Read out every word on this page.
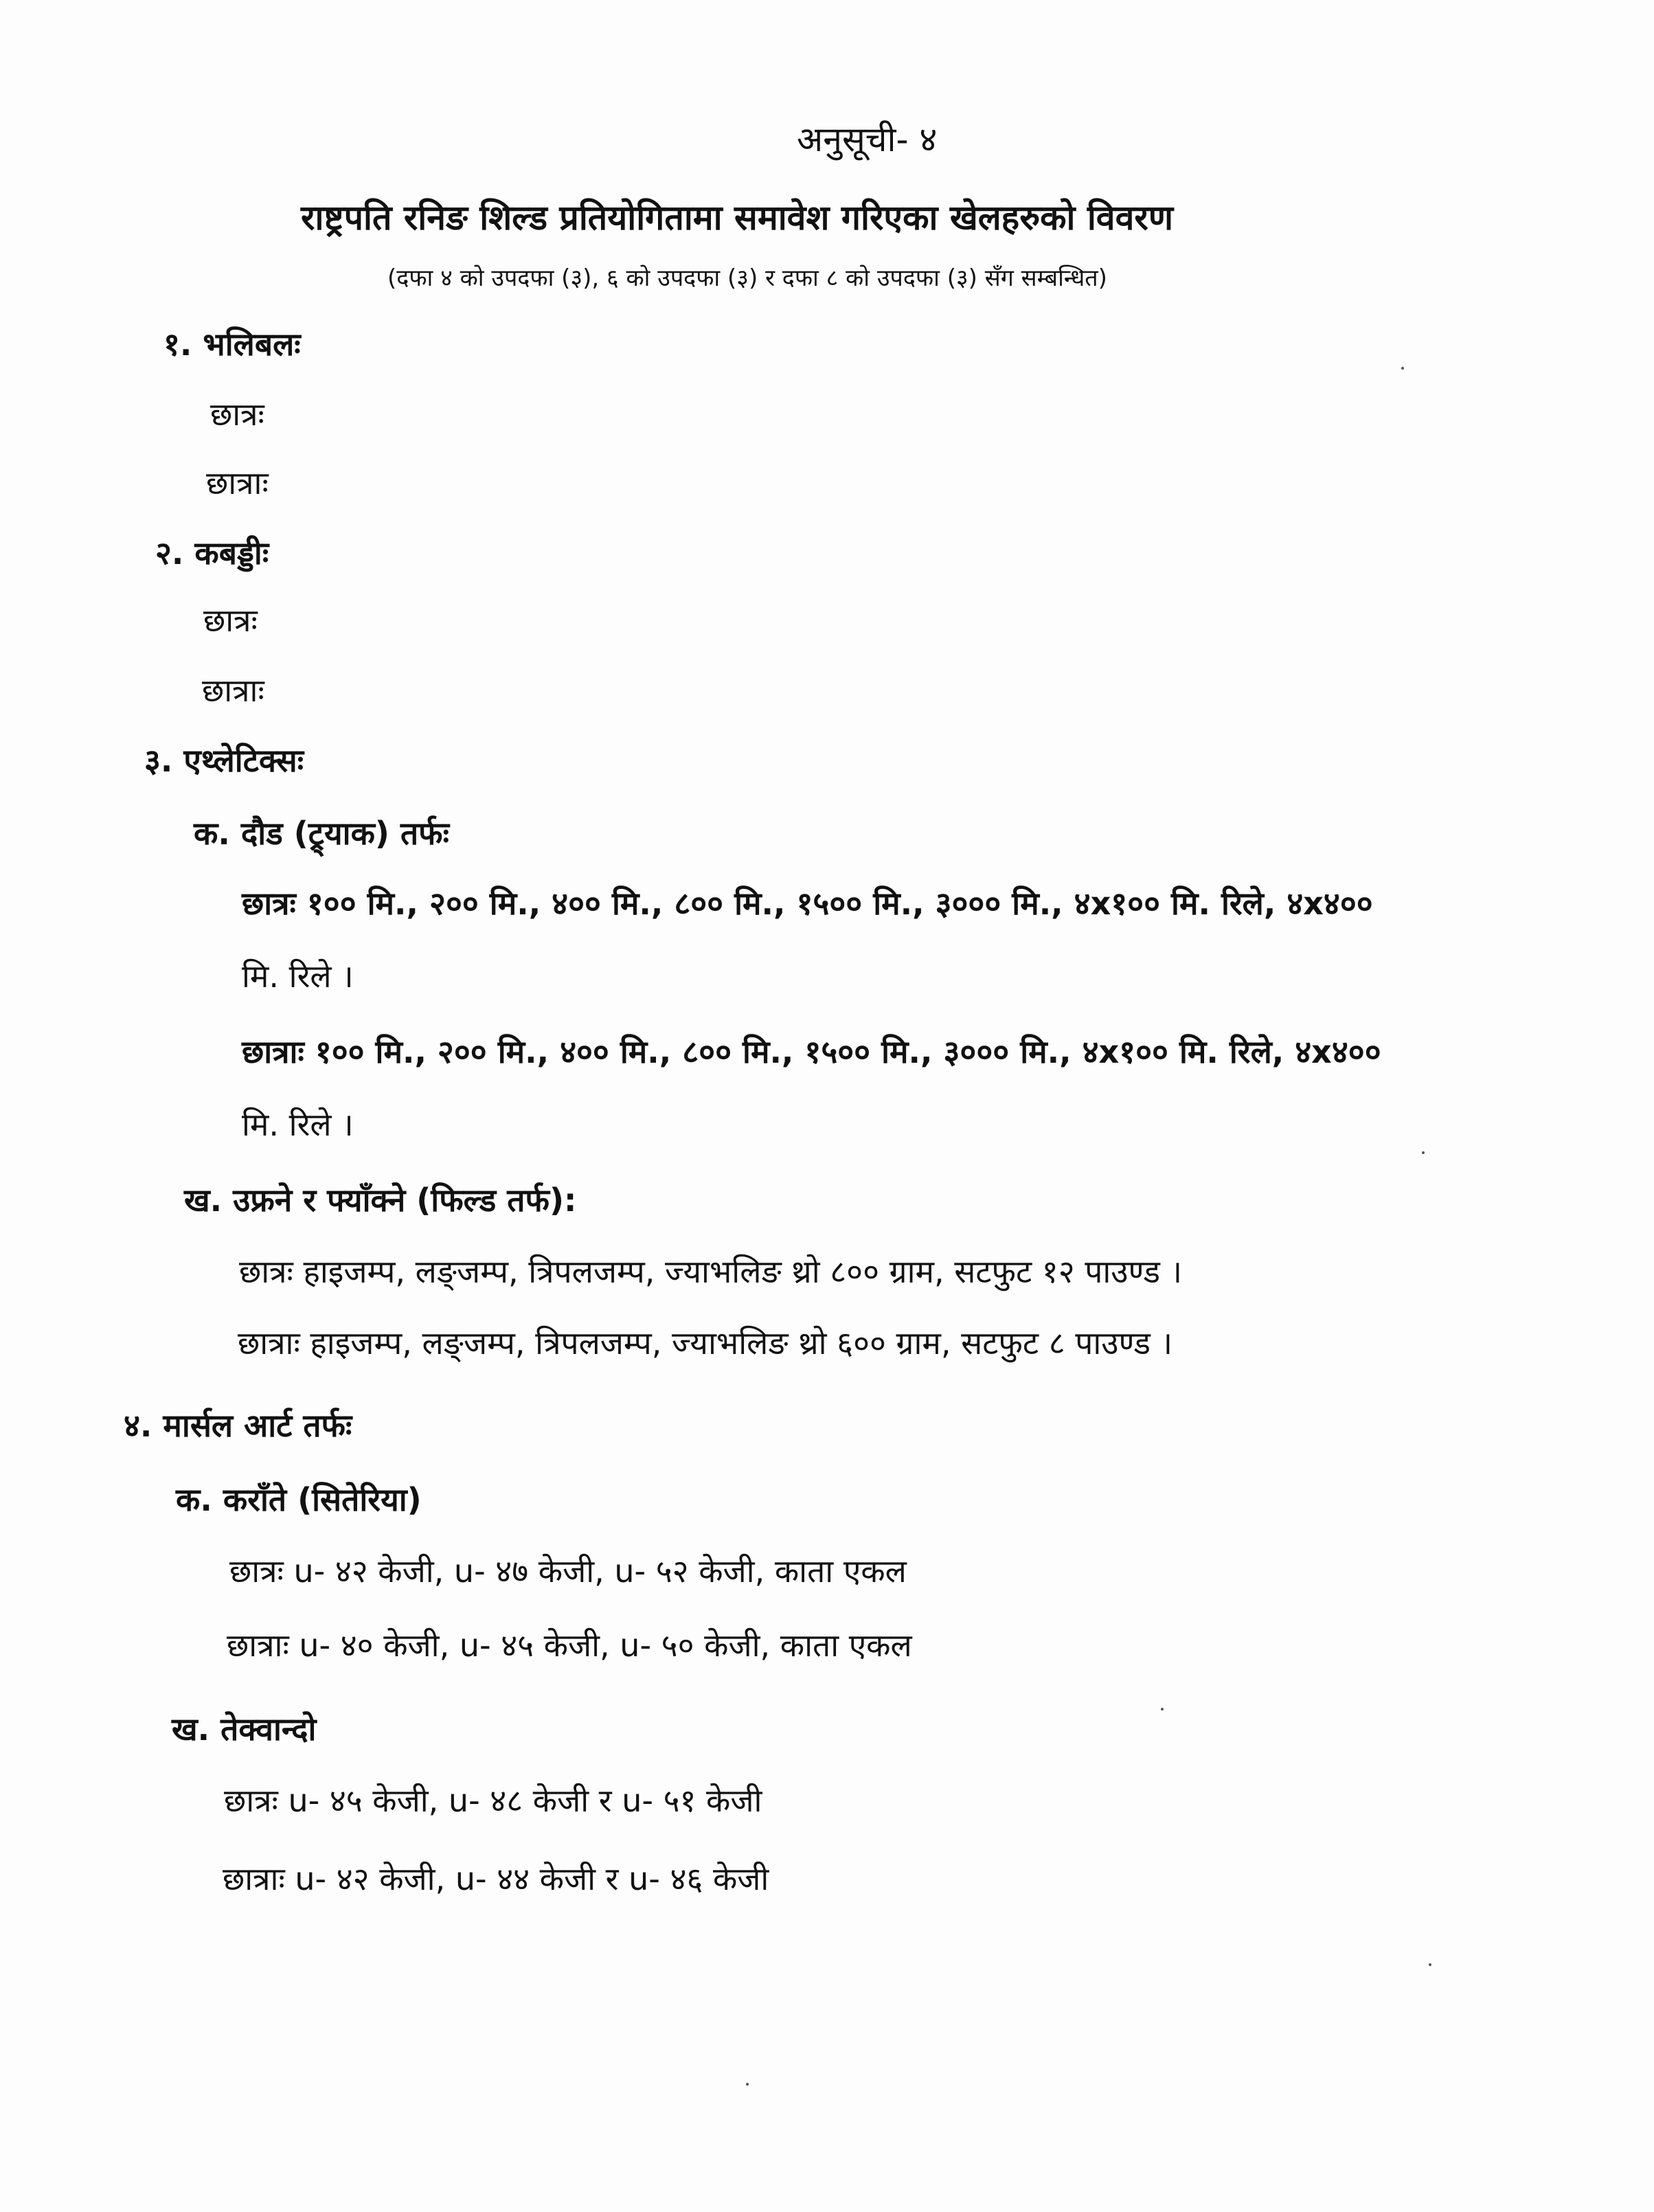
अनुसूची- ४
राष्ट्रपति रनिङ शिल्ड प्रतियोगितामा समावेश गरिएका खेलहरुको विवरण
(दफा ४ को उपदफा (३), ६ को उपदफा (३) र दफा ८ को उपदफा (३) सँग सम्बन्धित)
१. भलिबलः
छात्रः
छात्राः
२. कबड्डीः
छात्रः
छात्राः
३. एथ्लेटिक्सः
क. दौड (ट्र्याक) तर्फः
छात्रः १०० मि., २०० मि., ४०० मि., ८०० मि., १५०० मि., ३००० मि., ४x१०० मि. रिले, ४x४००
मि. रिले ।
छात्राः १०० मि., २०० मि., ४०० मि., ८०० मि., १५०० मि., ३००० मि., ४x१०० मि. रिले, ४x४००
मि. रिले ।
ख. उफ्रने र फ्याँक्ने (फिल्ड तर्फ):
छात्रः हाइजम्प, लङ्जम्प, त्रिपलजम्प, ज्याभलिङ थ्रो ८०० ग्राम, सटफुट १२ पाउण्ड ।
छात्राः हाइजम्प, लङ्जम्प, त्रिपलजम्प, ज्याभलिङ थ्रो ६०० ग्राम, सटफुट ८ पाउण्ड ।
४. मार्सल आर्ट तर्फः
क. कराँते (सितेरिया)
छात्रः u- ४२ केजी, u- ४७ केजी, u- ५२ केजी, काता एकल
छात्राः u- ४० केजी, u- ४५ केजी, u- ५० केजी, काता एकल
ख. तेक्वान्दो
छात्रः u- ४५ केजी, u- ४८ केजी र u- ५१ केजी
छात्राः u- ४२ केजी, u- ४४ केजी र u- ४६ केजी
